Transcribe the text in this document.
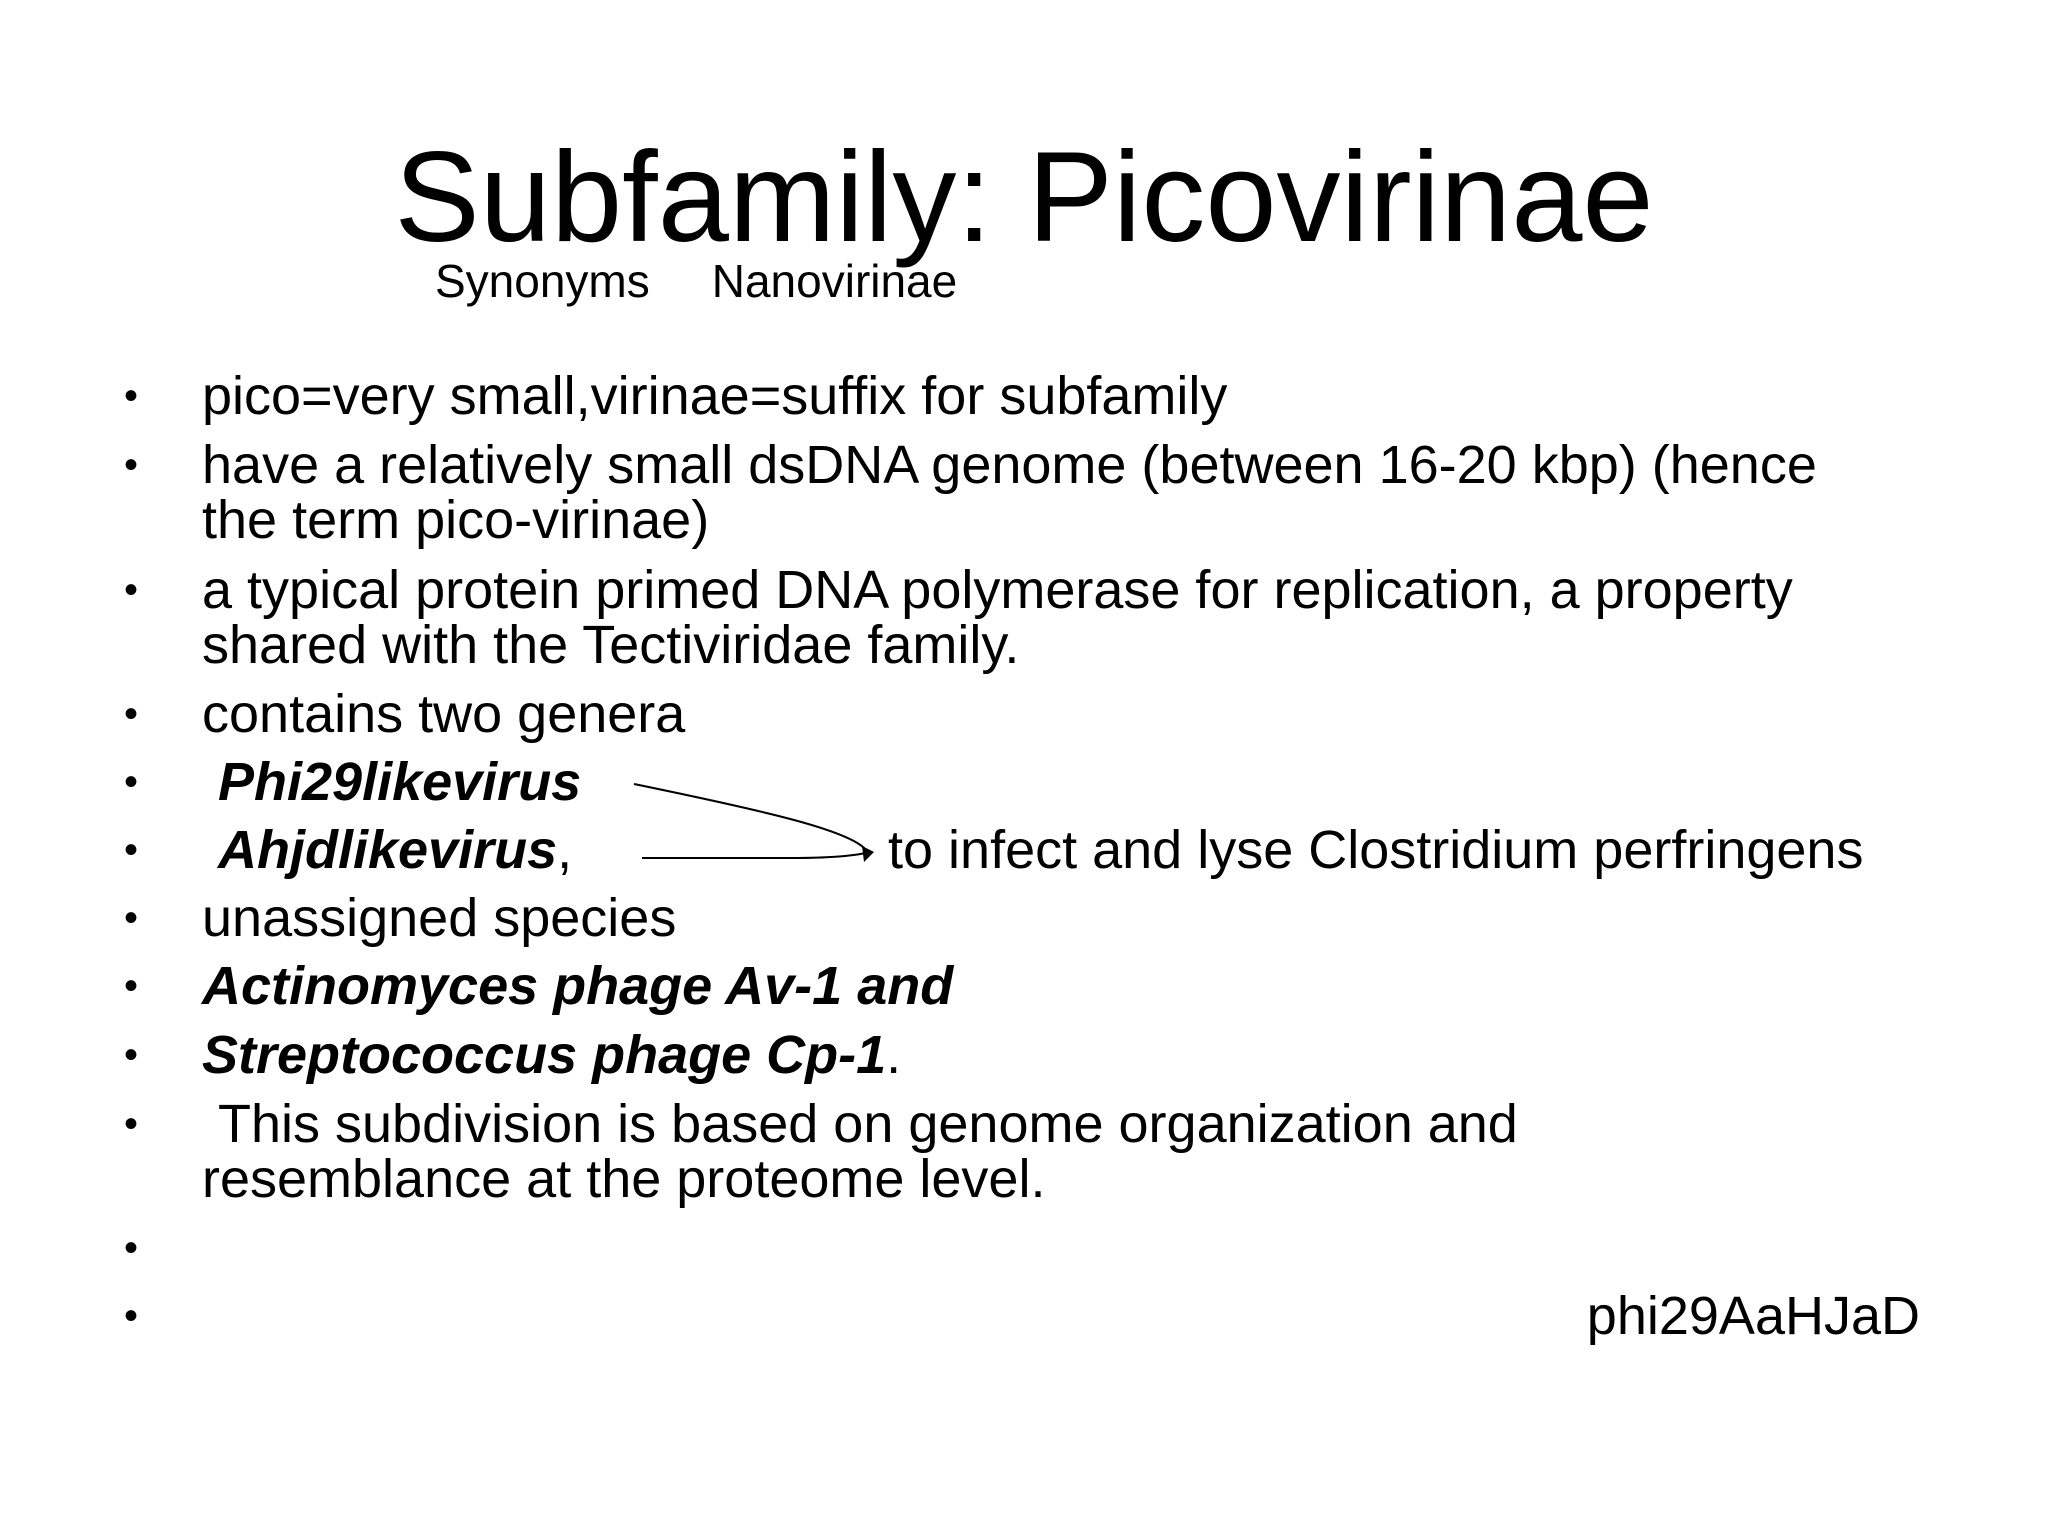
Subfamily: Picovirinae
Synonyms Nanovirinae
• pico=very small,virinae=suffix for subfamily
• have a relatively small dsDNA genome (between 16-20 kbp) (hence
the term pico-virinae)
• a typical protein primed DNA polymerase for replication, a property
shared with the Tectiviridae family.
• contains two genera
• Phi29likevirus
• Ahjdlikevirus,
• unassigned species
• Actinomyces phage Av-1 and
• Streptococcus phage Cp-1.
• This subdivision is based on genome organization and
resemblance at the proteome level.
•
•
to infect and lyse Clostridium perfringens
phi29AaHJaD
